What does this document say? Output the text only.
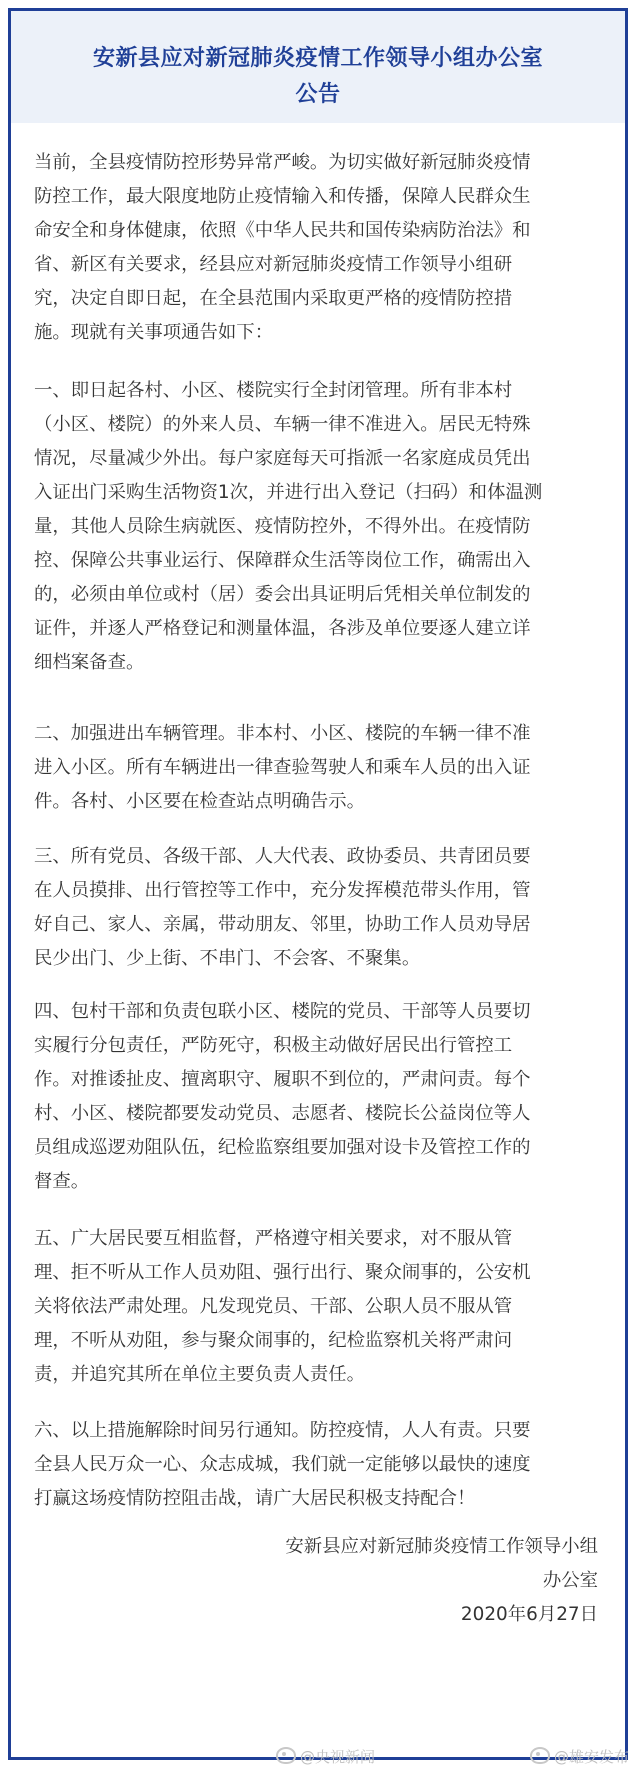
安新县应对新冠肺炎疫情工作领导小组办公室
公告
当前，全县疫情防控形势异常严峻。为切实做好新冠肺炎疫情
防控工作，最大限度地防止疫情输入和传播，保障人民群众生
命安全和身体健康，依照《中华人民共和国传染病防治法》和
省、新区有关要求，经县应对新冠肺炎疫情工作领导小组研
究，决定自即日起，在全县范围内采取更严格的疫情防控措
施。现就有关事项通告如下：
一、即日起各村、小区、楼院实行全封闭管理。所有非本村
（小区、楼院）的外来人员、车辆一律不准进入。居民无特殊
情况，尽量减少外出。每户家庭每天可指派一名家庭成员凭出
入证出门采购生活物资1次，并进行出入登记（扫码）和体温测
量，其他人员除生病就医、疫情防控外，不得外出。在疫情防
控、保障公共事业运行、保障群众生活等岗位工作，确需出入
的，必须由单位或村（居）委会出具证明后凭相关单位制发的
证件，并逐人严格登记和测量体温，各涉及单位要逐人建立详
细档案备查。
二、加强进出车辆管理。非本村、小区、楼院的车辆一律不准
进入小区。所有车辆进出一律查验驾驶人和乘车人员的出入证
件。各村、小区要在检查站点明确告示。
三、所有党员、各级干部、人大代表、政协委员、共青团员要
在人员摸排、出行管控等工作中，充分发挥模范带头作用，管
好自己、家人、亲属，带动朋友、邻里，协助工作人员劝导居
民少出门、少上街、不串门、不会客、不聚集。
四、包村干部和负责包联小区、楼院的党员、干部等人员要切
实履行分包责任，严防死守，积极主动做好居民出行管控工
作。对推诿扯皮、擅离职守、履职不到位的，严肃问责。每个
村、小区、楼院都要发动党员、志愿者、楼院长公益岗位等人
员组成巡逻劝阻队伍，纪检监察组要加强对设卡及管控工作的
督查。
五、广大居民要互相监督，严格遵守相关要求，对不服从管
理、拒不听从工作人员劝阻、强行出行、聚众闹事的，公安机
关将依法严肃处理。凡发现党员、干部、公职人员不服从管
理，不听从劝阻，参与聚众闹事的，纪检监察机关将严肃问
责，并追究其所在单位主要负责人责任。
六、以上措施解除时间另行通知。防控疫情，人人有责。只要
全县人民万众一心、众志成城，我们就一定能够以最快的速度
打赢这场疫情防控阻击战，请广大居民积极支持配合！
安新县应对新冠肺炎疫情工作领导小组
办公室
2020年6月27日
@央视新闻	@雄安发布
